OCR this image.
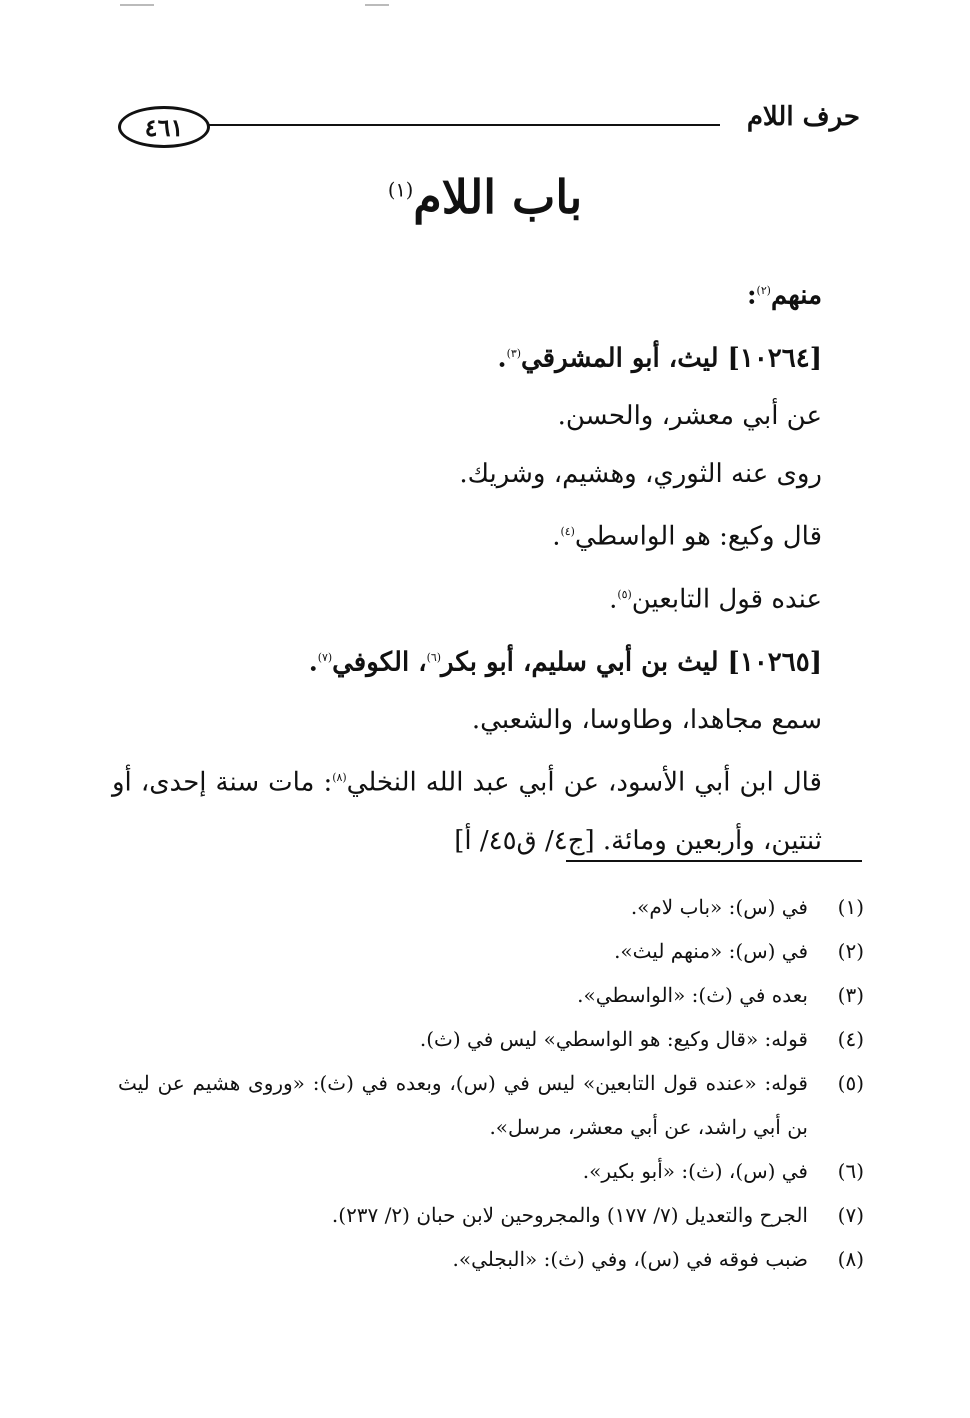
٤٦١	حرف اللام
باب اللام$^{(١)}$

منهم$^{(٢)}$:

[١٠٢٦٤] ليث، أبو المشرقي$^{(٣)}$.

عن أبي معشر، والحسن.

روى عنه الثوري، وهشيم، وشريك.

قال وكيع: هو الواسطي$^{(٤)}$.

عنده قول التابعين$^{(٥)}$.

[١٠٢٦٥] ليث بن أبي سليم، أبو بكر$^{(٦)}$، الكوفي$^{(٧)}$.

سمع مجاهدا، وطاوسا، والشعبي.

قال ابن أبي الأسود، عن أبي عبد الله النخلي$^{(٨)}$: مات سنة إحدى، أو ثنتين، وأربعين ومائة. [ج٤/ ق٤٥/ أ]

(١)
في (س): «باب لام».
(٢)
في (س): «منهم ليث».
(٣)
بعده في (ث): «الواسطي».
(٤)
قوله: «قال وكيع: هو الواسطي» ليس في (ث).
(٥)
قوله: «عنده قول التابعين» ليس في (س)، وبعده في (ث): «وروى هشيم عن ليث بن أبي راشد، عن أبي معشر، مرسل».
(٦)
في (س)، (ث): «أبو بكير».
(٧)
الجرح والتعديل (٧/ ١٧٧) والمجروحين لابن حبان (٢/ ٢٣٧).
(٨)
ضبب فوقه في (س)، وفي (ث): «البجلي».
